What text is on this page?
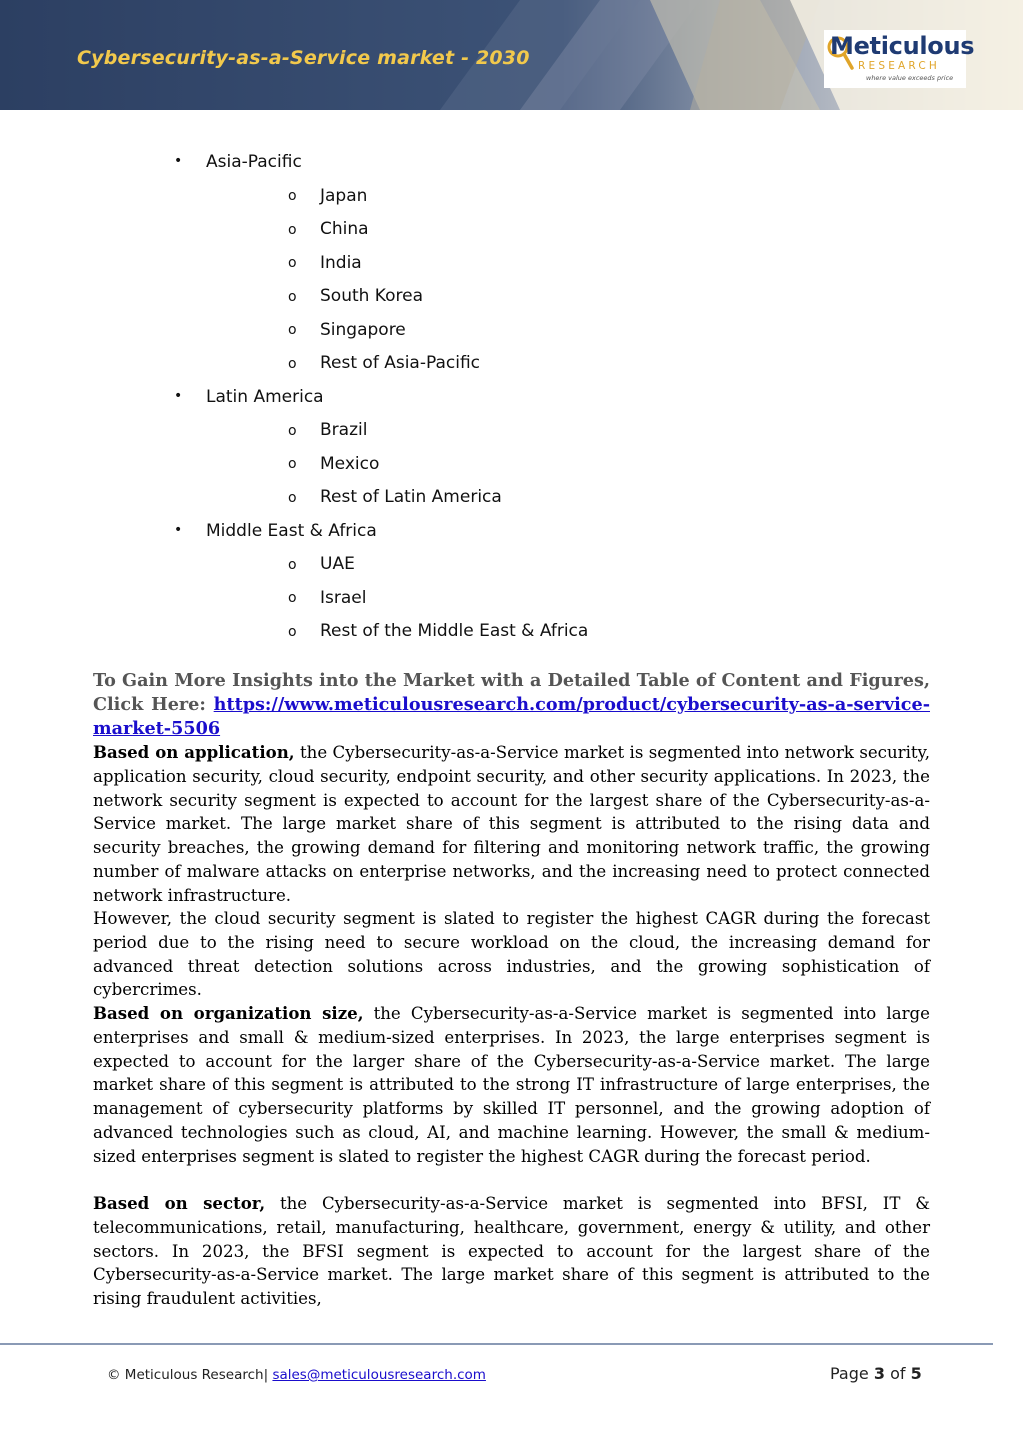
Cybersecurity-as-a-Service market - 2030	Meticulous
RESEARCH
where value exceeds price
• Asia-Pacific
o Japan
o China
o India
o South Korea
o Singapore
o Rest of Asia-Pacific
• Latin America
o Brazil
o Mexico
o Rest of Latin America
• Middle East & Africa
o UAE
o Israel
o Rest of the Middle East & Africa
To Gain More Insights into the Market with a Detailed Table of Content and Figures, Click Here: https://www.meticulousresearch.com/product/cybersecurity-as-a-service-market-5506
Based on application, the Cybersecurity-as-a-Service market is segmented into network security, application security, cloud security, endpoint security, and other security applications. In 2023, the network security segment is expected to account for the largest share of the Cybersecurity-as-a-Service market. The large market share of this segment is attributed to the rising data and security breaches, the growing demand for filtering and monitoring network traffic, the growing number of malware attacks on enterprise networks, and the increasing need to protect connected network infrastructure.
However, the cloud security segment is slated to register the highest CAGR during the forecast period due to the rising need to secure workload on the cloud, the increasing demand for advanced threat detection solutions across industries, and the growing sophistication of cybercrimes.
Based on organization size, the Cybersecurity-as-a-Service market is segmented into large enterprises and small & medium-sized enterprises. In 2023, the large enterprises segment is expected to account for the larger share of the Cybersecurity-as-a-Service market. The large market share of this segment is attributed to the strong IT infrastructure of large enterprises, the management of cybersecurity platforms by skilled IT personnel, and the growing adoption of advanced technologies such as cloud, AI, and machine learning. However, the small & medium-sized enterprises segment is slated to register the highest CAGR during the forecast period.
Based on sector, the Cybersecurity-as-a-Service market is segmented into BFSI, IT & telecommunications, retail, manufacturing, healthcare, government, energy & utility, and other sectors. In 2023, the BFSI segment is expected to account for the largest share of the Cybersecurity-as-a-Service market. The large market share of this segment is attributed to the rising fraudulent activities,
© Meticulous Research| sales@meticulousresearch.com	Page 3 of 5
